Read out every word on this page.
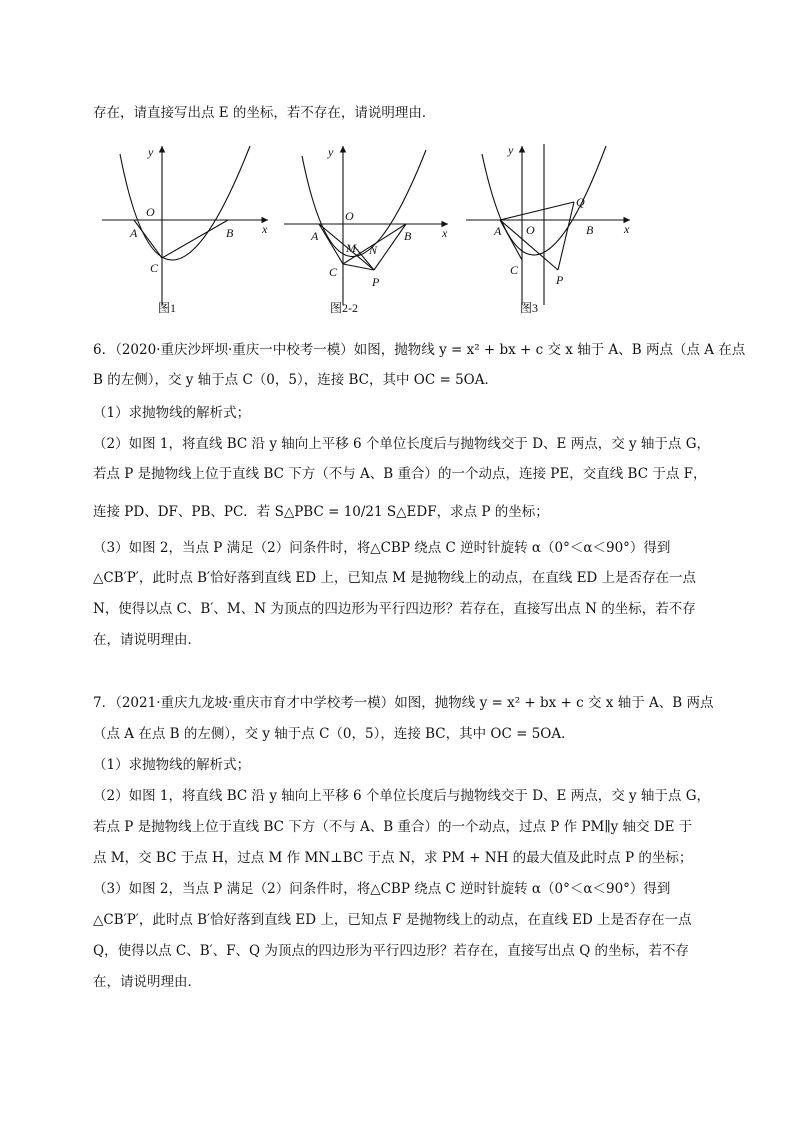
存在，请直接写出点 E 的坐标，若不存在，请说明理由．
y
x
O
A	B
C
图1
y
x
O
A	B
C
M N
P
图2-2
y
x
O
A	B
C
P
Q
图3
6．（2020·重庆沙坪坝·重庆一中校考一模）如图，抛物线 y = x² + bx + c 交 x 轴于 A、B 两点（点 A 在点
B 的左侧），交 y 轴于点 C（0，5），连接 BC，其中 OC = 5OA．
（1）求抛物线的解析式；
（2）如图 1，将直线 BC 沿 y 轴向上平移 6 个单位长度后与抛物线交于 D、E 两点，交 y 轴于点 G，
若点 P 是抛物线上位于直线 BC 下方（不与 A、B 重合）的一个动点，连接 PE，交直线 BC 于点 F，
连接 PD、DF、PB、PC．若 S△PBC = 10/21 S△EDF，求点 P 的坐标；
（3）如图 2，当点 P 满足（2）问条件时，将△CBP 绕点 C 逆时针旋转 α（0°＜α＜90°）得到
△CB′P′，此时点 B′恰好落到直线 ED 上，已知点 M 是抛物线上的动点，在直线 ED 上是否存在一点
N，使得以点 C、B′、M、N 为顶点的四边形为平行四边形？若存在，直接写出点 N 的坐标，若不存
在，请说明理由．
7．（2021·重庆九龙坡·重庆市育才中学校考一模）如图，抛物线 y = x² + bx + c 交 x 轴于 A、B 两点
（点 A 在点 B 的左侧），交 y 轴于点 C（0，5），连接 BC，其中 OC = 5OA．
（1）求抛物线的解析式；
（2）如图 1，将直线 BC 沿 y 轴向上平移 6 个单位长度后与抛物线交于 D、E 两点，交 y 轴于点 G，
若点 P 是抛物线上位于直线 BC 下方（不与 A、B 重合）的一个动点，过点 P 作 PM∥y 轴交 DE 于
点 M，交 BC 于点 H，过点 M 作 MN⊥BC 于点 N，求 PM + NH 的最大值及此时点 P 的坐标；
（3）如图 2，当点 P 满足（2）问条件时，将△CBP 绕点 C 逆时针旋转 α（0°＜α＜90°）得到
△CB′P′，此时点 B′恰好落到直线 ED 上，已知点 F 是抛物线上的动点，在直线 ED 上是否存在一点
Q，使得以点 C、B′、F、Q 为顶点的四边形为平行四边形？若存在，直接写出点 Q 的坐标，若不存
在，请说明理由．
